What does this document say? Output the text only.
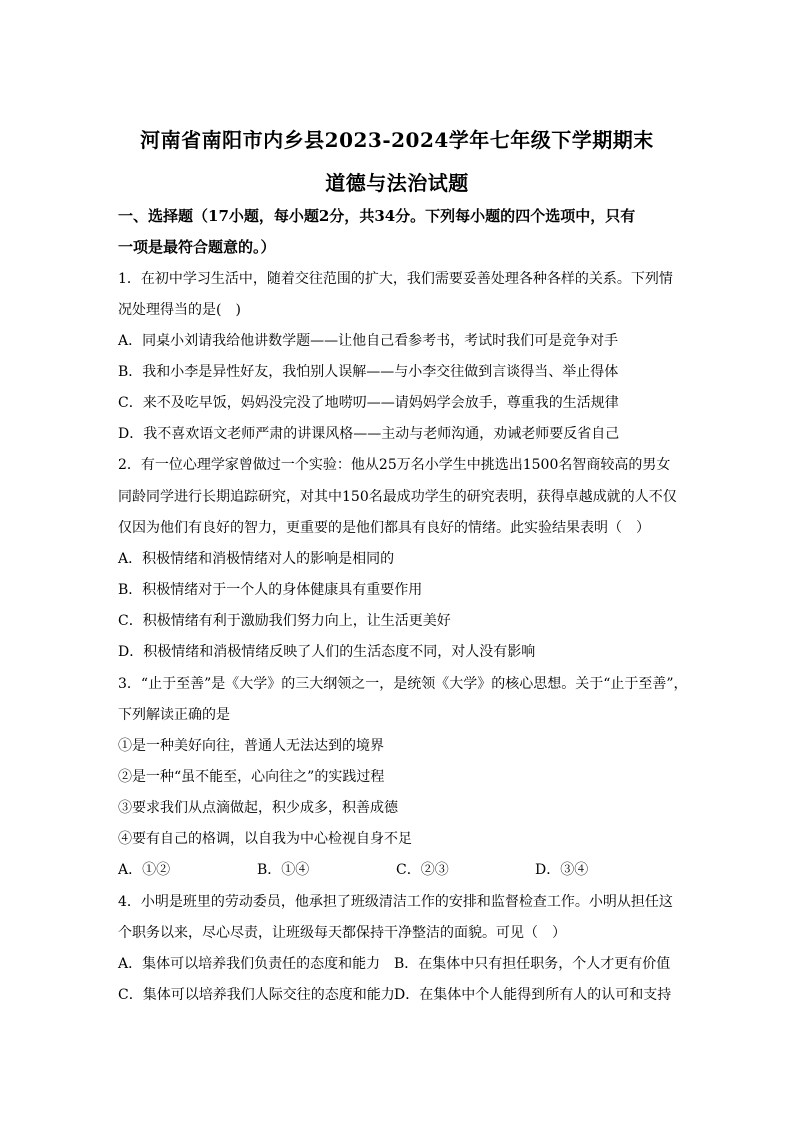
河南省南阳市内乡县2023-2024学年七年级下学期期末
道德与法治试题
一、选择题（17小题，每小题2分，共34分。下列每小题的四个选项中，只有
一项是最符合题意的。）
1．在初中学习生活中，随着交往范围的扩大，我们需要妥善处理各种各样的关系。下列情
况处理得当的是(　)
A．同桌小刘请我给他讲数学题——让他自己看参考书，考试时我们可是竞争对手
B．我和小李是异性好友，我怕别人误解——与小李交往做到言谈得当、举止得体
C．来不及吃早饭，妈妈没完没了地唠叨——请妈妈学会放手，尊重我的生活规律
D．我不喜欢语文老师严肃的讲课风格——主动与老师沟通，劝诫老师要反省自己
2．有一位心理学家曾做过一个实验：他从25万名小学生中挑选出1500名智商较高的男女
同龄同学进行长期追踪研究，对其中150名最成功学生的研究表明，获得卓越成就的人不仅
仅因为他们有良好的智力，更重要的是他们都具有良好的情绪。此实验结果表明（　）
A．积极情绪和消极情绪对人的影响是相同的
B．积极情绪对于一个人的身体健康具有重要作用
C．积极情绪有利于激励我们努力向上，让生活更美好
D．积极情绪和消极情绪反映了人们的生活态度不同，对人没有影响
3．“止于至善”是《大学》的三大纲领之一，是统领《大学》的核心思想。关于“止于至善”，
下列解读正确的是
①是一种美好向往，普通人无法达到的境界
②是一种“虽不能至，心向往之”的实践过程
③要求我们从点滴做起，积少成多，积善成德
④要有自己的格调，以自我为中心检视自身不足
A．①②	B．①④	C．②③	D．③④
4．小明是班里的劳动委员，他承担了班级清洁工作的安排和监督检查工作。小明从担任这
个职务以来，尽心尽责，让班级每天都保持干净整洁的面貌。可见（　）
A．集体可以培养我们负责任的态度和能力 B．在集体中只有担任职务，个人才更有价值
C．集体可以培养我们人际交往的态度和能力D．在集体中个人能得到所有人的认可和支持
